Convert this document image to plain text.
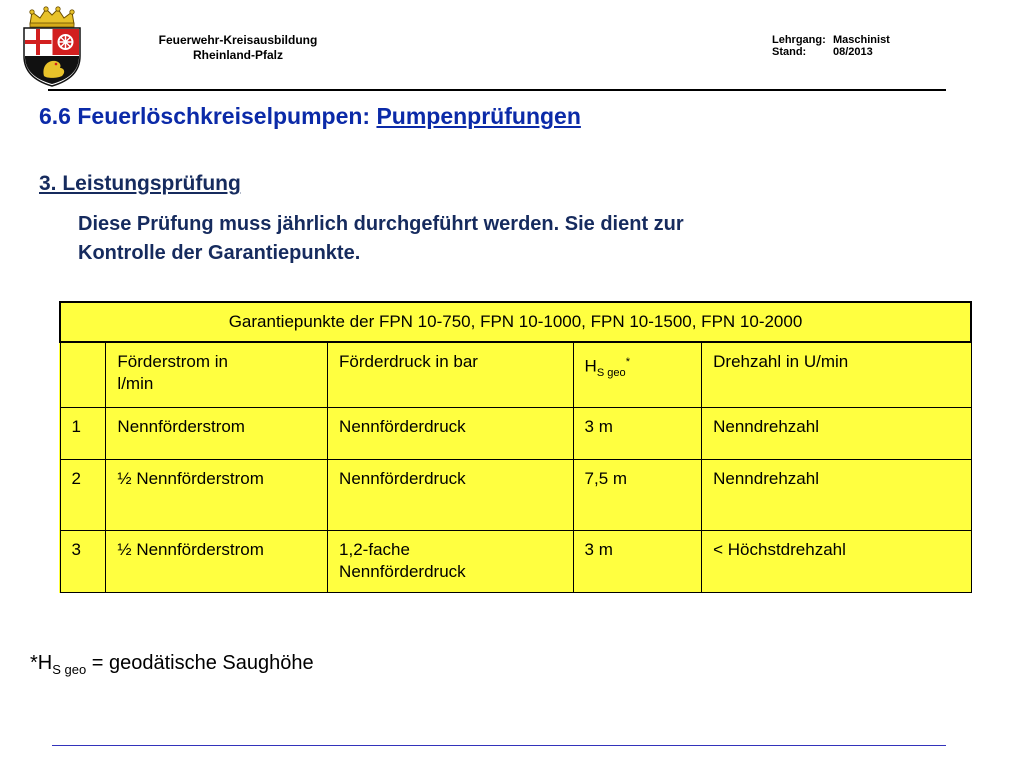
Feuerwehr-Kreisausbildung
Rheinland-Pfalz
Lehrgang: Maschinist
Stand:	08/2013
6.6 Feuerlöschkreiselpumpen: Pumpenprüfungen
3. Leistungsprüfung

Diese Prüfung muss jährlich durchgeführt werden. Sie dient zur

Kontrolle der Garantiepunkte.

Garantiepunkte der FPN 10-750, FPN 10-1000, FPN 10-1500, FPN 10-2000				
	Förderstrom in
l/min	Förderdruck in bar	$H_{S geo}^*$	Drehzahl in U/min
1	Nennförderstrom	Nennförderdruck	3 m	Nenndrehzahl
2	½ Nennförderstrom	Nennförderdruck	7,5 m	Nenndrehzahl
3	½ Nennförderstrom	1,2-fache
Nennförderdruck	3 m	< Höchstdrehzahl
$*H_{S geo}$ = geodätische Saughöhe
